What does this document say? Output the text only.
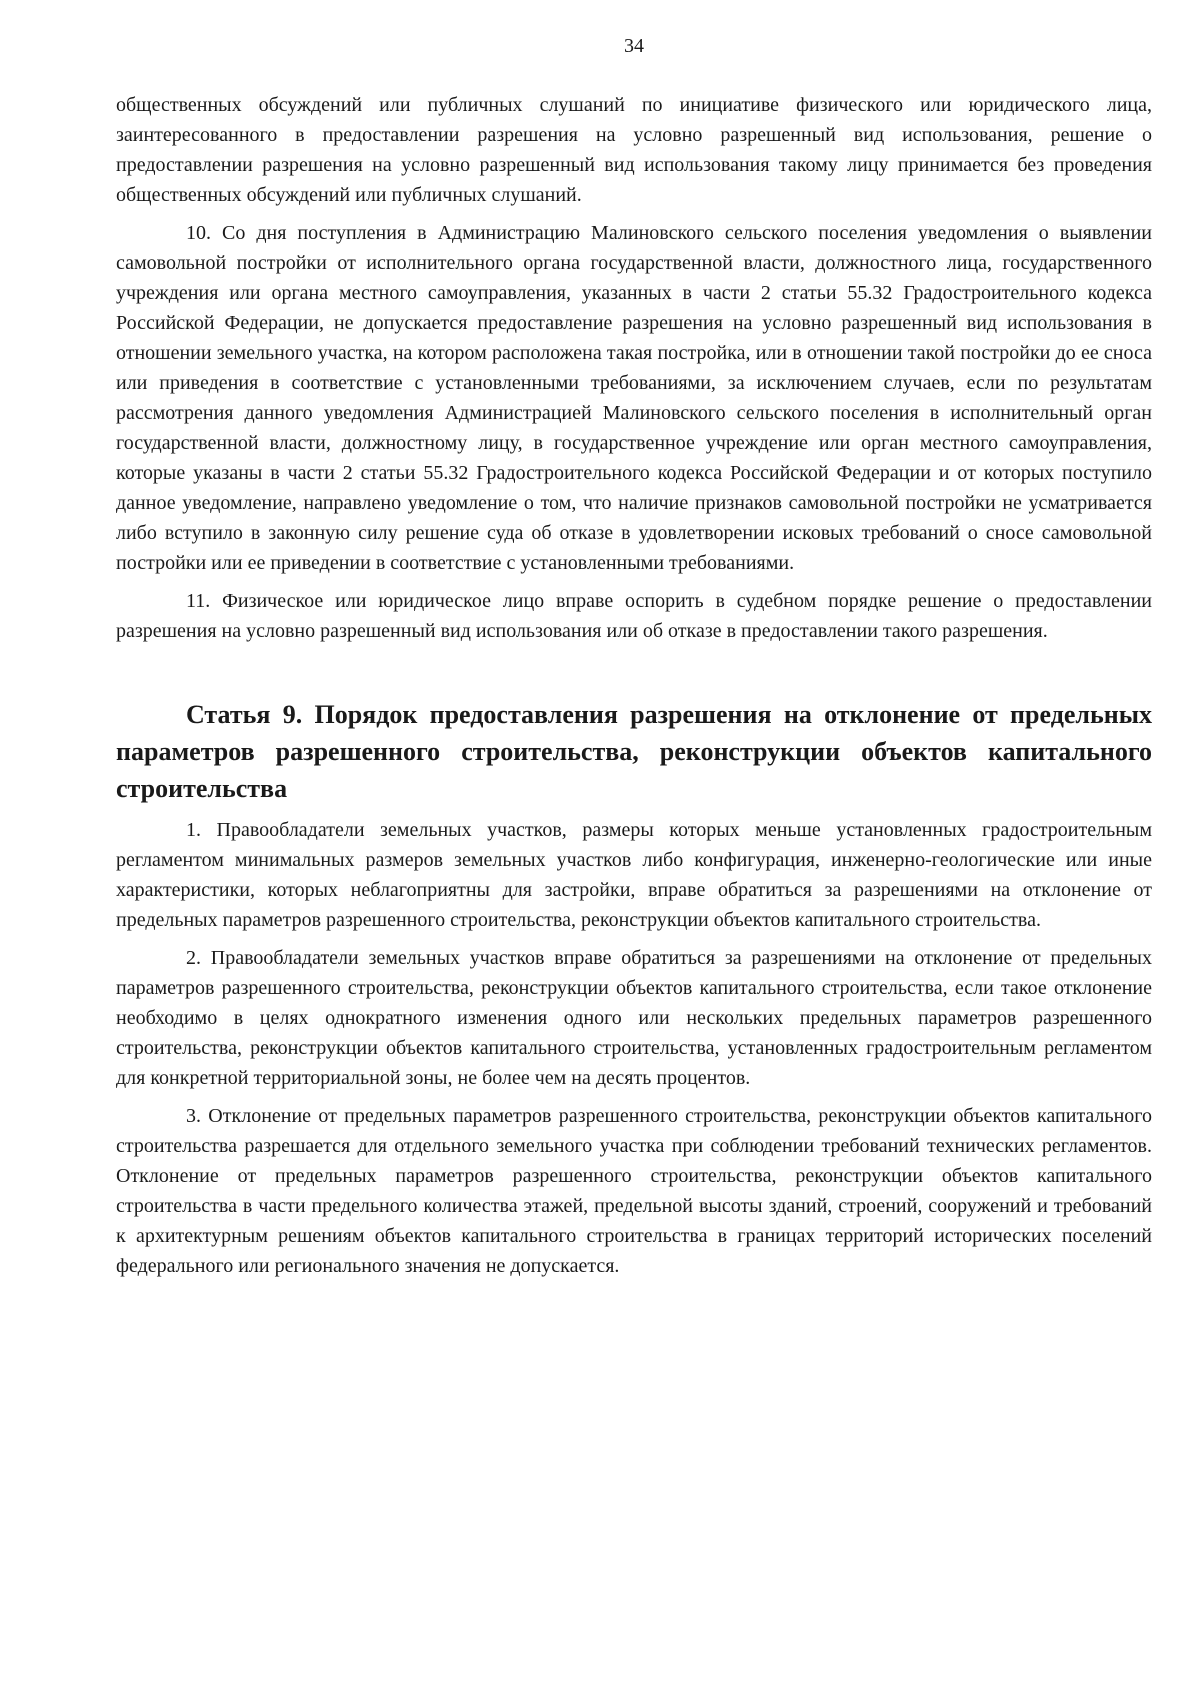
34

общественных обсуждений или публичных слушаний по инициативе физического или юридического лица, заинтересованного в предоставлении разрешения на условно разрешенный вид использования, решение о предоставлении разрешения на условно разрешенный вид использования такому лицу принимается без проведения общественных обсуждений или публичных слушаний.

10. Со дня поступления в Администрацию Малиновского сельского поселения уведомления о выявлении самовольной постройки от исполнительного органа государственной власти, должностного лица, государственного учреждения или органа местного самоуправления, указанных в части 2 статьи 55.32 Градостроительного кодекса Российской Федерации, не допускается предоставление разрешения на условно разрешенный вид использования в отношении земельного участка, на котором расположена такая постройка, или в отношении такой постройки до ее сноса или приведения в соответствие с установленными требованиями, за исключением случаев, если по результатам рассмотрения данного уведомления Администрацией Малиновского сельского поселения в исполнительный орган государственной власти, должностному лицу, в государственное учреждение или орган местного самоуправления, которые указаны в части 2 статьи 55.32 Градостроительного кодекса Российской Федерации и от которых поступило данное уведомление, направлено уведомление о том, что наличие признаков самовольной постройки не усматривается либо вступило в законную силу решение суда об отказе в удовлетворении исковых требований о сносе самовольной постройки или ее приведении в соответствие с установленными требованиями.

11. Физическое или юридическое лицо вправе оспорить в судебном порядке решение о предоставлении разрешения на условно разрешенный вид использования или об отказе в предоставлении такого разрешения.

Статья 9. Порядок предоставления разрешения на отклонение от предельных параметров разрешенного строительства, реконструкции объектов капитального строительства

1. Правообладатели земельных участков, размеры которых меньше установленных градостроительным регламентом минимальных размеров земельных участков либо конфигурация, инженерно-геологические или иные характеристики, которых неблагоприятны для застройки, вправе обратиться за разрешениями на отклонение от предельных параметров разрешенного строительства, реконструкции объектов капитального строительства.

2. Правообладатели земельных участков вправе обратиться за разрешениями на отклонение от предельных параметров разрешенного строительства, реконструкции объектов капитального строительства, если такое отклонение необходимо в целях однократного изменения одного или нескольких предельных параметров разрешенного строительства, реконструкции объектов капитального строительства, установленных градостроительным регламентом для конкретной территориальной зоны, не более чем на десять процентов.

3. Отклонение от предельных параметров разрешенного строительства, реконструкции объектов капитального строительства разрешается для отдельного земельного участка при соблюдении требований технических регламентов. Отклонение от предельных параметров разрешенного строительства, реконструкции объектов капитального строительства в части предельного количества этажей, предельной высоты зданий, строений, сооружений и требований к архитектурным решениям объектов капитального строительства в границах территорий исторических поселений федерального или регионального значения не допускается.
